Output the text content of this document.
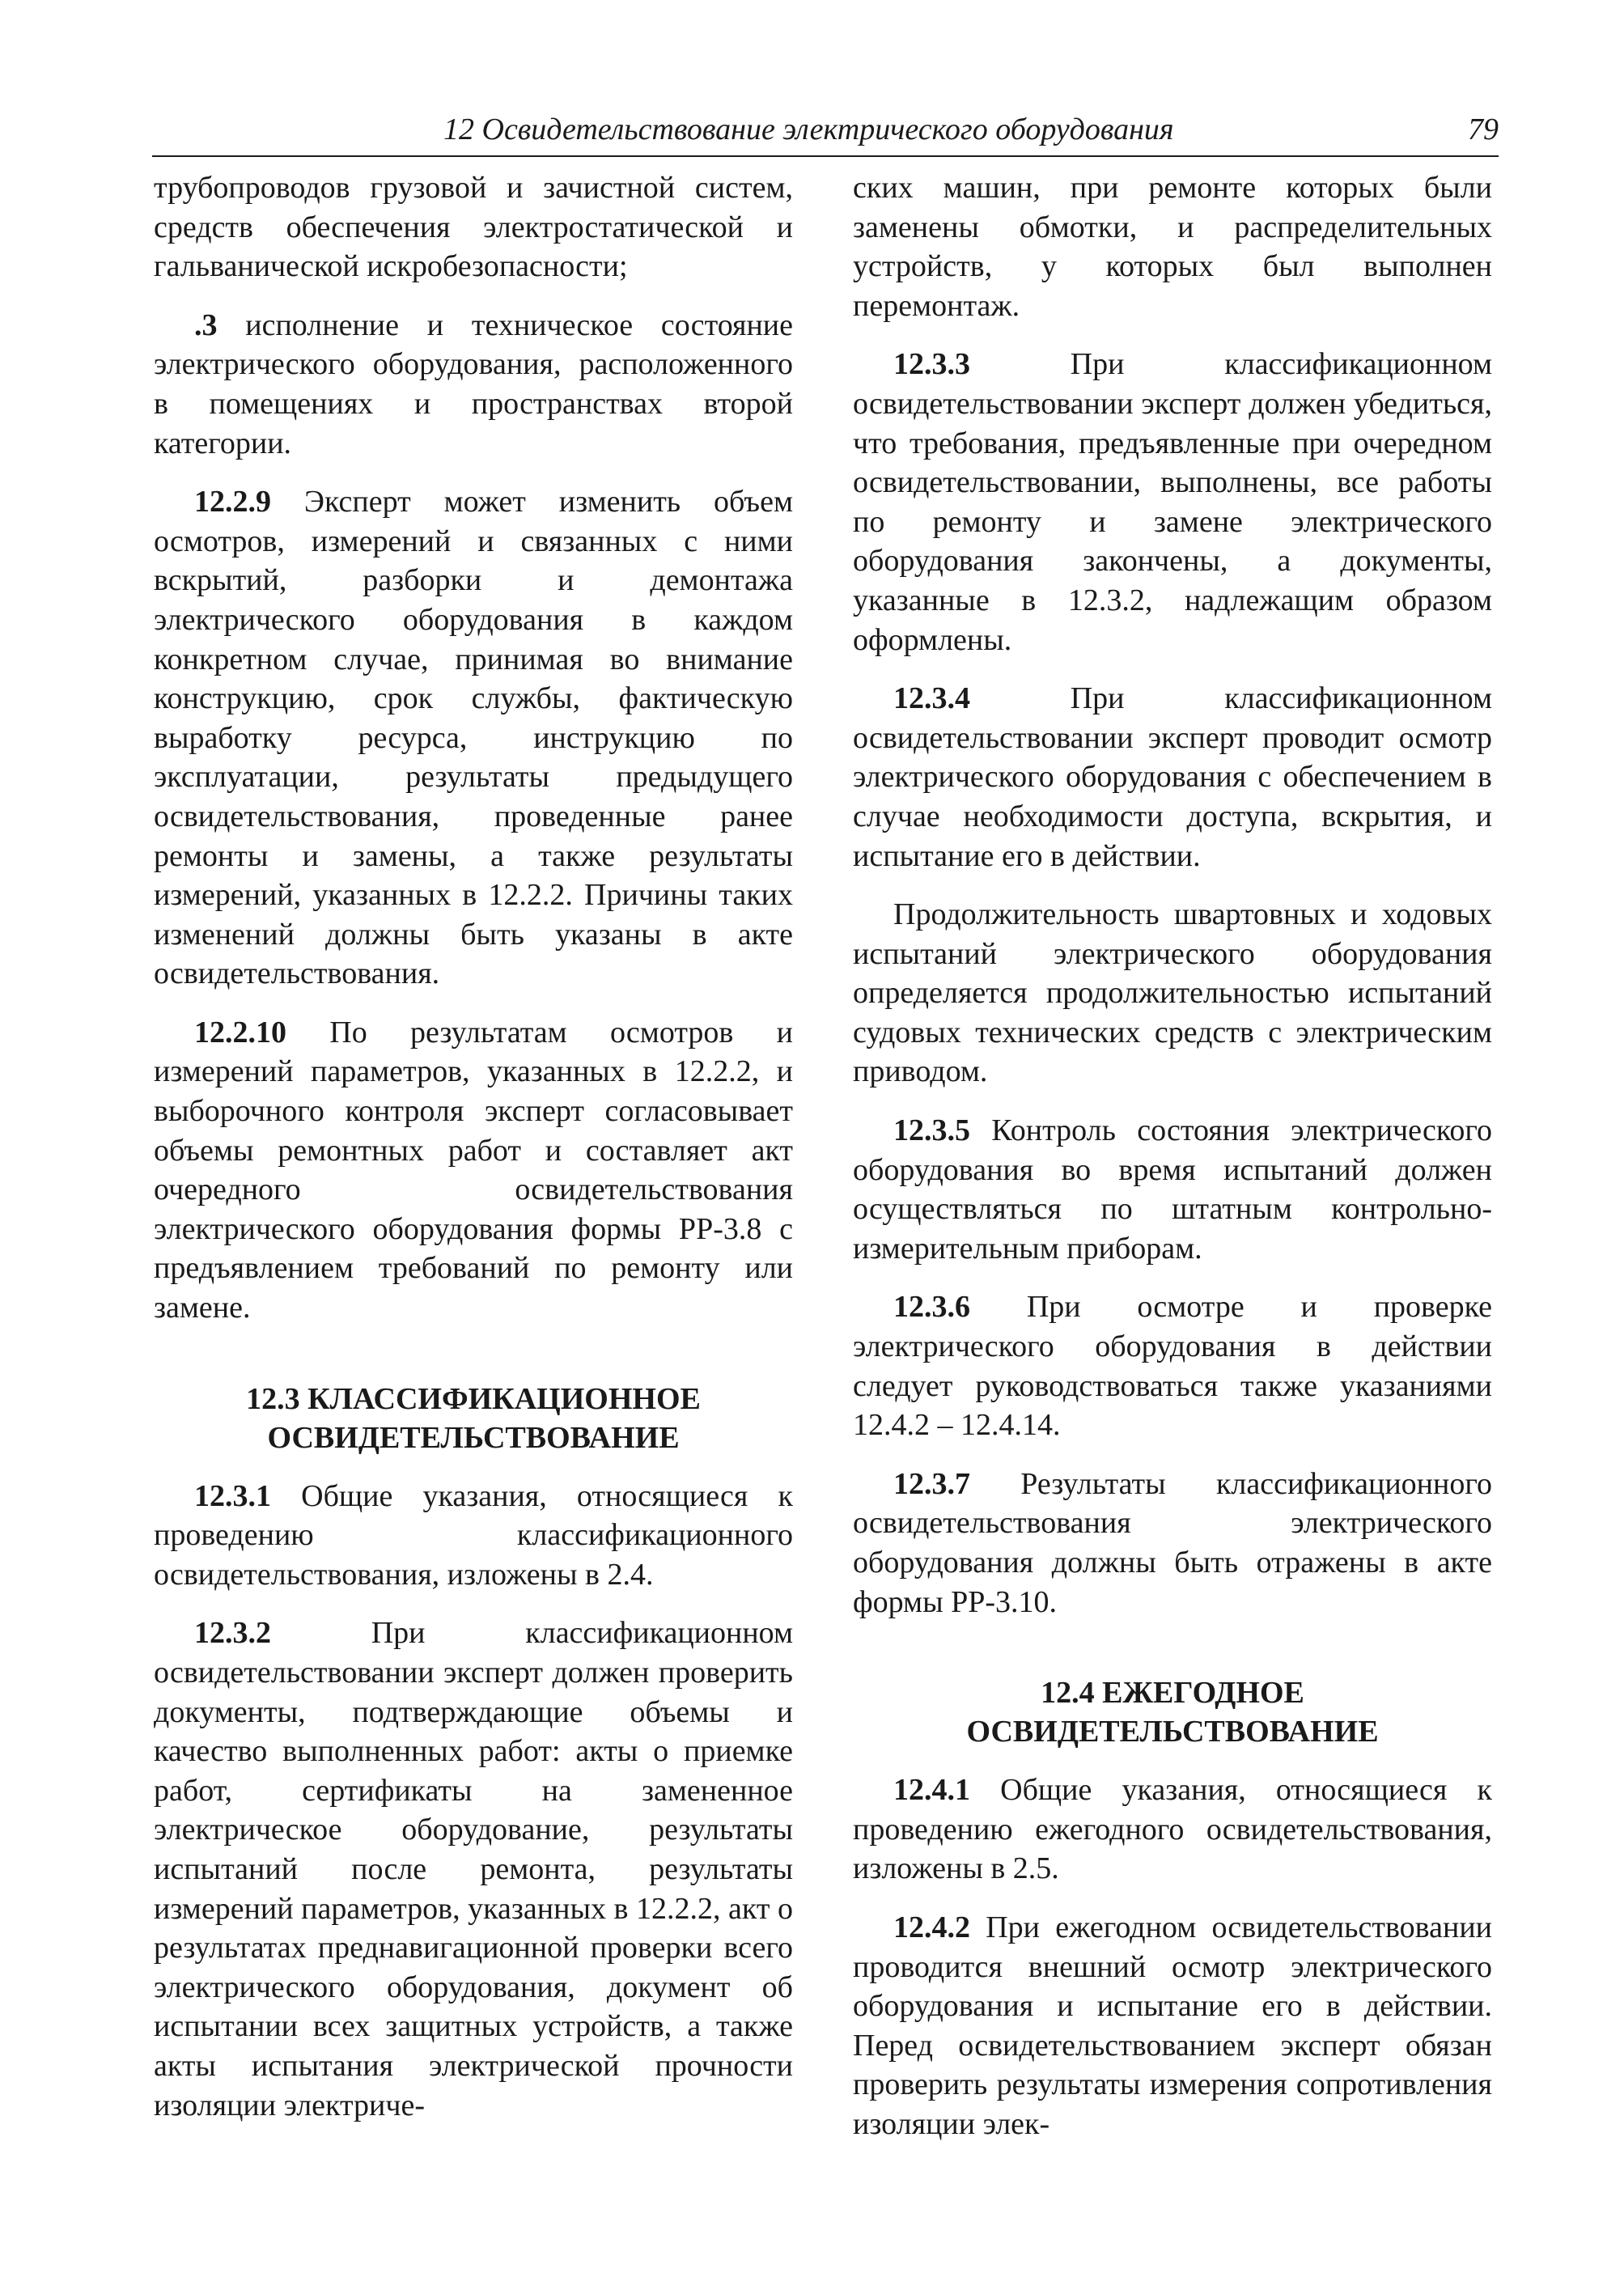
12 Освидетельствование электрического оборудования	79

трубопроводов грузовой и зачистной систем, средств обеспечения электростатической и гальванической искробезопасности;

.3 исполнение и техническое состояние электрического оборудования, расположенного в помещениях и пространствах второй категории.

12.2.9 Эксперт может изменить объем осмотров, измерений и связанных с ними вскрытий, разборки и демонтажа электрического оборудования в каждом конкретном случае, принимая во внимание конструкцию, срок службы, фактическую выработку ресурса, инструкцию по эксплуатации, результаты предыдущего освидетельствования, проведенные ранее ремонты и замены, а также результаты измерений, указанных в 12.2.2. Причины таких изменений должны быть указаны в акте освидетельствования.

12.2.10 По результатам осмотров и измерений параметров, указанных в 12.2.2, и выборочного контроля эксперт согласовывает объемы ремонтных работ и составляет акт очередного освидетельствования электрического оборудования формы РР-3.8 с предъявлением требований по ремонту или замене.

12.3 КЛАССИФИКАЦИОННОЕ
ОСВИДЕТЕЛЬСТВОВАНИЕ

12.3.1 Общие указания, относящиеся к проведению классификационного освидетельствования, изложены в 2.4.

12.3.2 При классификационном освидетельствовании эксперт должен проверить документы, подтверждающие объемы и качество выполненных работ: акты о приемке работ, сертификаты на замененное электрическое оборудование, результаты испытаний после ремонта, результаты измерений параметров, указанных в 12.2.2, акт о результатах преднавигационной проверки всего электрического оборудования, документ об испытании всех защитных устройств, а также акты испытания электрической прочности изоляции электриче-

ских машин, при ремонте которых были заменены обмотки, и распределительных устройств, у которых был выполнен перемонтаж.

12.3.3 При классификационном освидетельствовании эксперт должен убедиться, что требования, предъявленные при очередном освидетельствовании, выполнены, все работы по ремонту и замене электрического оборудования закончены, а документы, указанные в 12.3.2, надлежащим образом оформлены.

12.3.4 При классификационном освидетельствовании эксперт проводит осмотр электрического оборудования с обеспечением в случае необходимости доступа, вскрытия, и испытание его в действии.

Продолжительность швартовных и ходовых испытаний электрического оборудования определяется продолжительностью испытаний судовых технических средств с электрическим приводом.

12.3.5 Контроль состояния электрического оборудования во время испытаний должен осуществляться по штатным контрольно-измерительным приборам.

12.3.6 При осмотре и проверке электрического оборудования в действии следует руководствоваться также указаниями 12.4.2 – 12.4.14.

12.3.7 Результаты классификационного освидетельствования электрического оборудования должны быть отражены в акте формы РР-3.10.

12.4 ЕЖЕГОДНОЕ
ОСВИДЕТЕЛЬСТВОВАНИЕ

12.4.1 Общие указания, относящиеся к проведению ежегодного освидетельствования, изложены в 2.5.

12.4.2 При ежегодном освидетельствовании проводится внешний осмотр электрического оборудования и испытание его в действии. Перед освидетельствованием эксперт обязан проверить результаты измерения сопротивления изоляции элек-
